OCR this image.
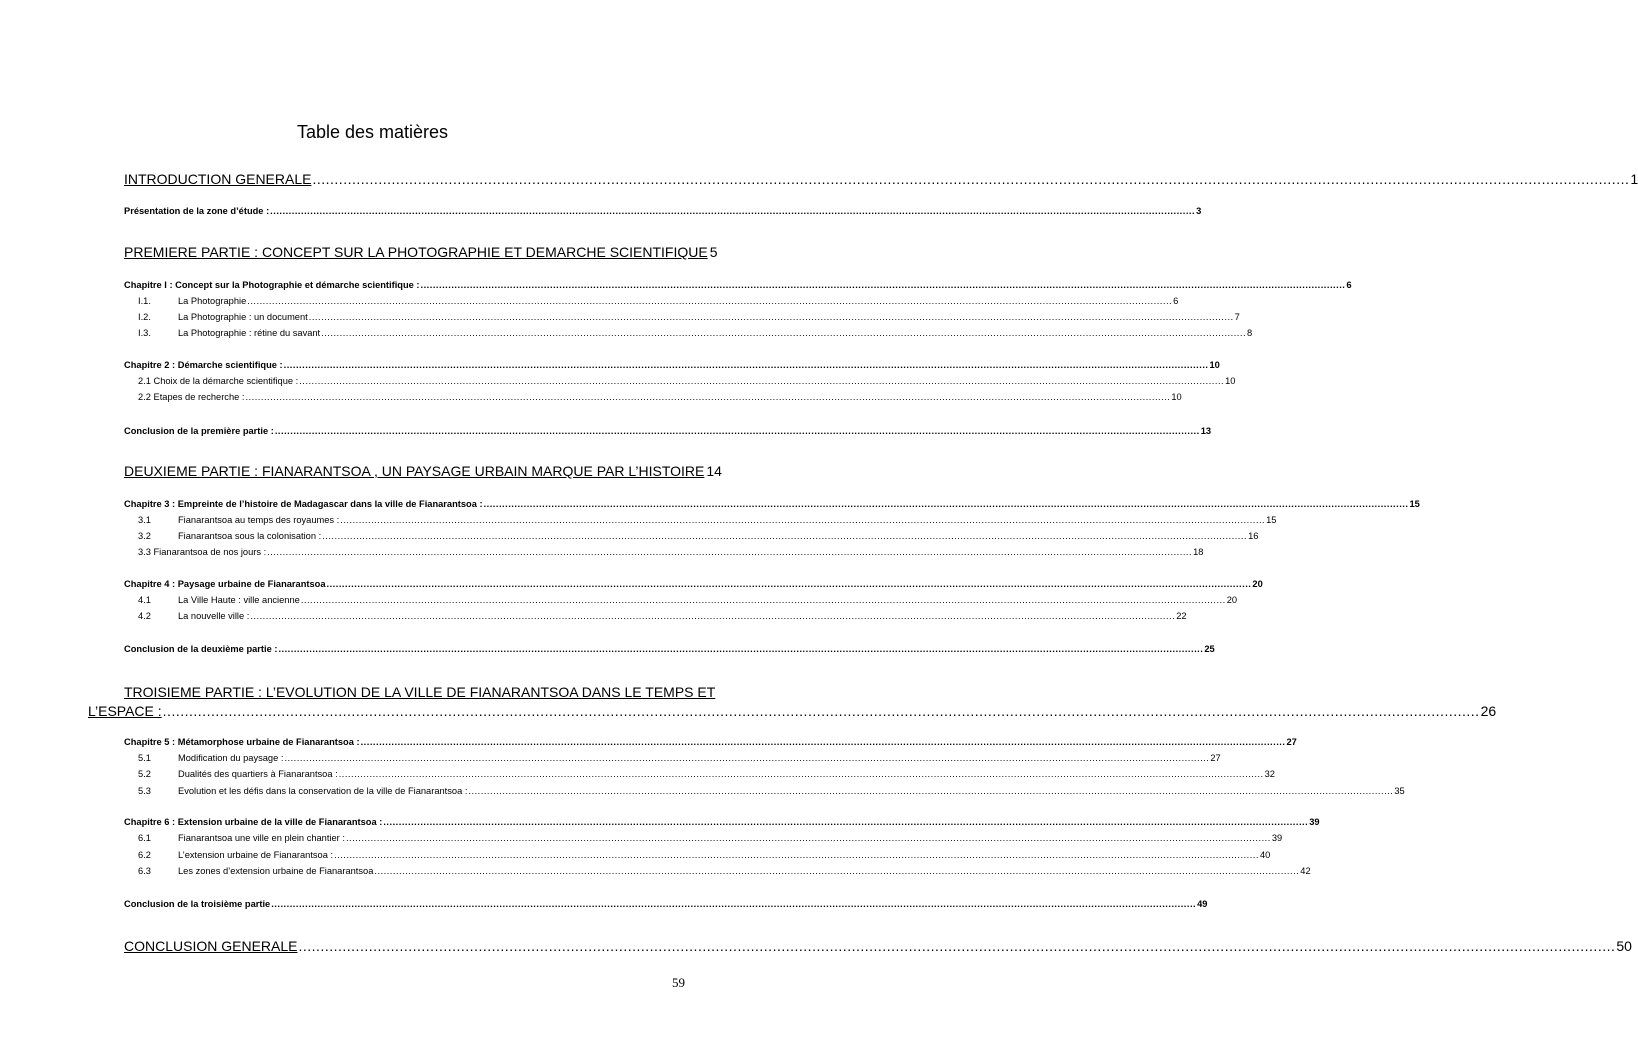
Table des matières
INTRODUCTION GENERALE ............................................................................................................................................................................................................................................................................................................ 1
Présentation de la zone d’étude : ............................................................................................................................................................................................................................................................................................................ 3
PREMIERE PARTIE : CONCEPT SUR LA PHOTOGRAPHIE ET DEMARCHE SCIENTIFIQUE 5
Chapitre I : Concept sur la Photographie et démarche scientifique : ............................................................................................................................................................................................................................................................................................................ 6
I.1.	La Photographie ............................................................................................................................................................................................................................................................................................................ 6
I.2.	La Photographie : un document ............................................................................................................................................................................................................................................................................................................ 7
I.3.	La Photographie : rétine du savant ............................................................................................................................................................................................................................................................................................................ 8
Chapitre 2 : Démarche scientifique : ............................................................................................................................................................................................................................................................................................................ 10
2.1 Choix de la démarche scientifique : ............................................................................................................................................................................................................................................................................................................ 10
2.2 Etapes de recherche : ............................................................................................................................................................................................................................................................................................................ 10
Conclusion de la première partie : ............................................................................................................................................................................................................................................................................................................ 13
DEUXIEME PARTIE : FIANARANTSOA , UN PAYSAGE URBAIN MARQUE PAR L’HISTOIRE 14
Chapitre 3 : Empreinte de l’histoire de Madagascar dans la ville de Fianarantsoa : ............................................................................................................................................................................................................................................................................................................ 15
3.1	Fianarantsoa au temps des royaumes : ............................................................................................................................................................................................................................................................................................................ 15
3.2	Fianarantsoa sous la colonisation : ............................................................................................................................................................................................................................................................................................................ 16
3.3 Fianarantsoa de nos jours : ............................................................................................................................................................................................................................................................................................................ 18
Chapitre 4 : Paysage urbaine de Fianarantsoa ............................................................................................................................................................................................................................................................................................................ 20
4.1	La Ville Haute : ville ancienne ............................................................................................................................................................................................................................................................................................................ 20
4.2	La nouvelle ville : ............................................................................................................................................................................................................................................................................................................ 22
Conclusion de la deuxième partie : ............................................................................................................................................................................................................................................................................................................ 25
TROISIEME PARTIE : L’EVOLUTION DE LA VILLE DE FIANARANTSOA DANS LE TEMPS ET
L’ESPACE : ............................................................................................................................................................................................................................................................................................................ 26
Chapitre 5 : Métamorphose urbaine de Fianarantsoa : ............................................................................................................................................................................................................................................................................................................ 27
5.1	Modification du paysage : ............................................................................................................................................................................................................................................................................................................ 27
5.2	Dualités des quartiers à Fianarantsoa : ............................................................................................................................................................................................................................................................................................................ 32
5.3	Evolution et les défis dans la conservation de la ville de Fianarantsoa : ............................................................................................................................................................................................................................................................................................................ 35
Chapitre 6 : Extension urbaine de la ville de Fianarantsoa : ............................................................................................................................................................................................................................................................................................................ 39
6.1	Fianarantsoa une ville en plein chantier : ............................................................................................................................................................................................................................................................................................................ 39
6.2	L’extension urbaine de Fianarantsoa : ............................................................................................................................................................................................................................................................................................................ 40
6.3	Les zones d’extension urbaine de Fianarantsoa ............................................................................................................................................................................................................................................................................................................ 42
Conclusion de la troisième partie ............................................................................................................................................................................................................................................................................................................ 49
CONCLUSION GENERALE ............................................................................................................................................................................................................................................................................................................ 50
59
